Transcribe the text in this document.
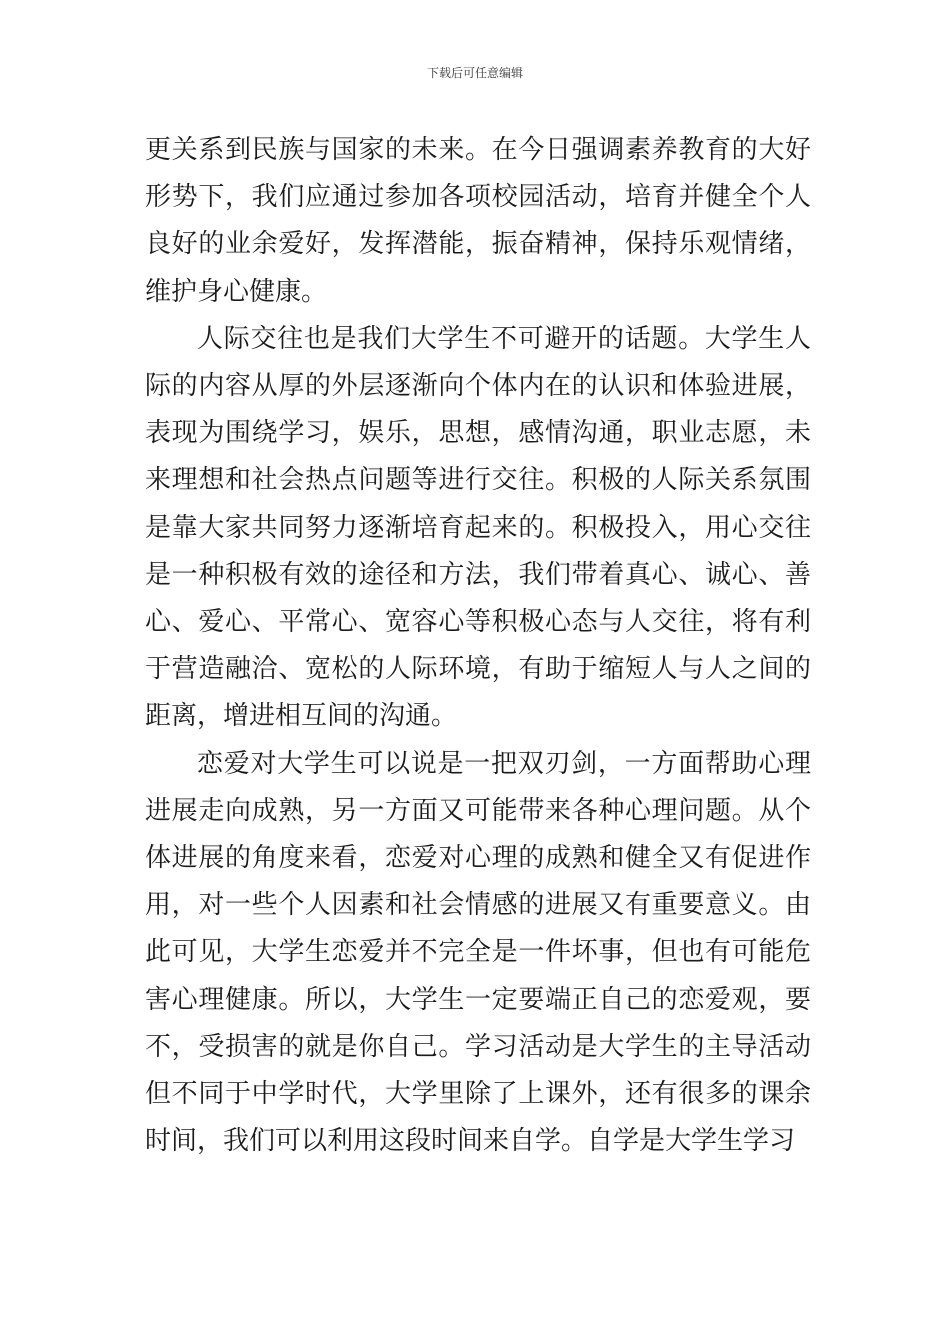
下载后可任意编辑

更关系到民族与国家的未来。在今日强调素养教育的大好形势下，我们应通过参加各项校园活动，培育并健全个人良好的业余爱好，发挥潜能，振奋精神，保持乐观情绪，维护身心健康。

人际交往也是我们大学生不可避开的话题。大学生人际的内容从厚的外层逐渐向个体内在的认识和体验进展，表现为围绕学习，娱乐，思想，感情沟通，职业志愿，未来理想和社会热点问题等进行交往。积极的人际关系氛围是靠大家共同努力逐渐培育起来的。积极投入，用心交往是一种积极有效的途径和方法，我们带着真心、诚心、善心、爱心、平常心、宽容心等积极心态与人交往，将有利于营造融洽、宽松的人际环境，有助于缩短人与人之间的距离，增进相互间的沟通。

恋爱对大学生可以说是一把双刃剑，一方面帮助心理进展走向成熟，另一方面又可能带来各种心理问题。从个体进展的角度来看，恋爱对心理的成熟和健全又有促进作用，对一些个人因素和社会情感的进展又有重要意义。由此可见，大学生恋爱并不完全是一件坏事，但也有可能危害心理健康。所以，大学生一定要端正自己的恋爱观，要不，受损害的就是你自己。学习活动是大学生的主导活动但不同于中学时代，大学里除了上课外，还有很多的课余时间，我们可以利用这段时间来自学。自学是大学生学习
